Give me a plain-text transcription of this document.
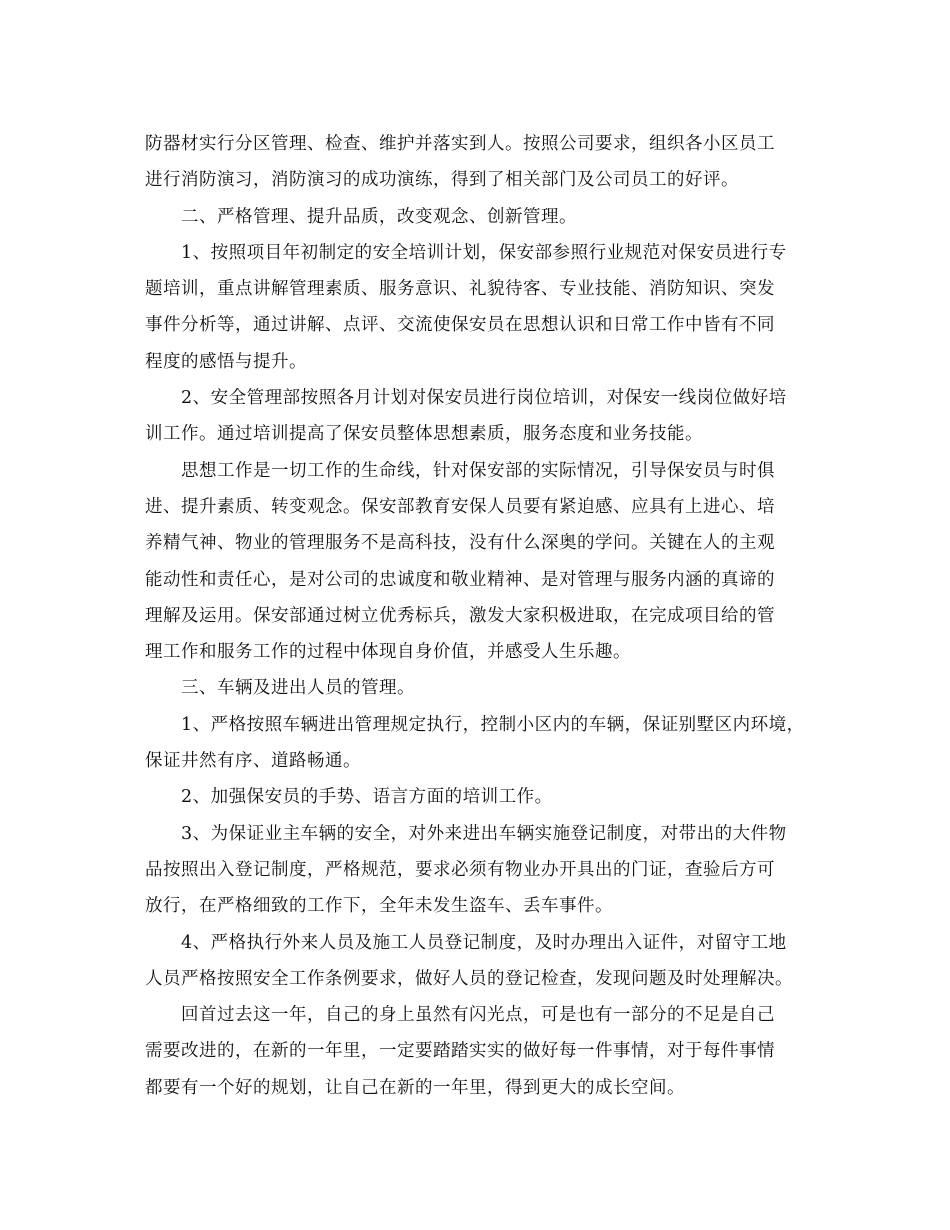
防器材实行分区管理、检查、维护并落实到人。按照公司要求，组织各小区员工
进行消防演习，消防演习的成功演练，得到了相关部门及公司员工的好评。
二、严格管理、提升品质，改变观念、创新管理。
1、按照项目年初制定的安全培训计划，保安部参照行业规范对保安员进行专
题培训，重点讲解管理素质、服务意识、礼貌待客、专业技能、消防知识、突发
事件分析等，通过讲解、点评、交流使保安员在思想认识和日常工作中皆有不同
程度的感悟与提升。
2、安全管理部按照各月计划对保安员进行岗位培训，对保安一线岗位做好培
训工作。通过培训提高了保安员整体思想素质，服务态度和业务技能。
思想工作是一切工作的生命线，针对保安部的实际情况，引导保安员与时俱
进、提升素质、转变观念。保安部教育安保人员要有紧迫感、应具有上进心、培
养精气神、物业的管理服务不是高科技，没有什么深奥的学问。关键在人的主观
能动性和责任心，是对公司的忠诚度和敬业精神、是对管理与服务内涵的真谛的
理解及运用。保安部通过树立优秀标兵，激发大家积极进取，在完成项目给的管
理工作和服务工作的过程中体现自身价值，并感受人生乐趣。
三、车辆及进出人员的管理。
1、严格按照车辆进出管理规定执行，控制小区内的车辆，保证别墅区内环境，
保证井然有序、道路畅通。
2、加强保安员的手势、语言方面的培训工作。
3、为保证业主车辆的安全，对外来进出车辆实施登记制度，对带出的大件物
品按照出入登记制度，严格规范，要求必须有物业办开具出的门证，查验后方可
放行，在严格细致的工作下，全年未发生盗车、丢车事件。
4、严格执行外来人员及施工人员登记制度，及时办理出入证件，对留守工地
人员严格按照安全工作条例要求，做好人员的登记检查，发现问题及时处理解决。
回首过去这一年，自己的身上虽然有闪光点，可是也有一部分的不足是自己
需要改进的，在新的一年里，一定要踏踏实实的做好每一件事情，对于每件事情
都要有一个好的规划，让自己在新的一年里，得到更大的成长空间。
